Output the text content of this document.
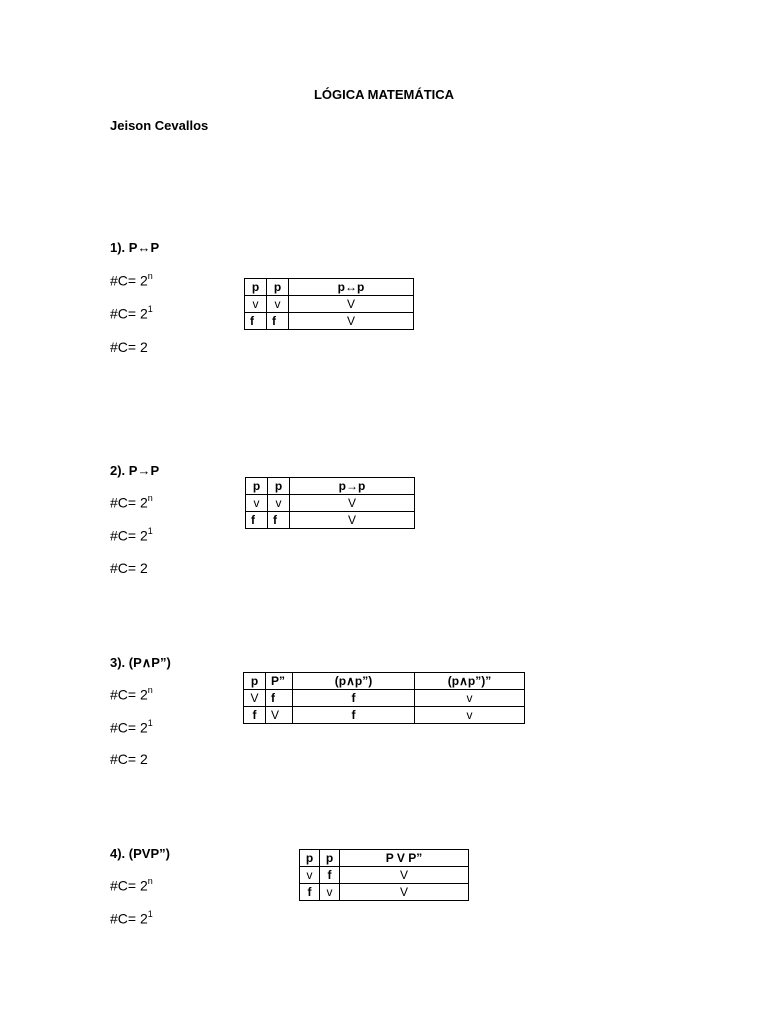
LÓGICA MATEMÁTICA
Jeison Cevallos
1). P↔P
#C= $2^n$
#C= $2^1$
#C= 2
p	p	p↔p
v	v	V
f	f	V
2). P→P
#C= $2^n$
#C= $2^1$
#C= 2
p	p	p→p
v	v	V
f	f	V
3). (P∧P”)
#C= $2^n$
#C= $2^1$
#C= 2
p	P”	(p∧p”)	(p∧p”)”
V	f	f	v
f	V	f	v
4). (PVP”)
#C= $2^n$
#C= $2^1$
p	p	P V P”
v	f	V
f	v	V
